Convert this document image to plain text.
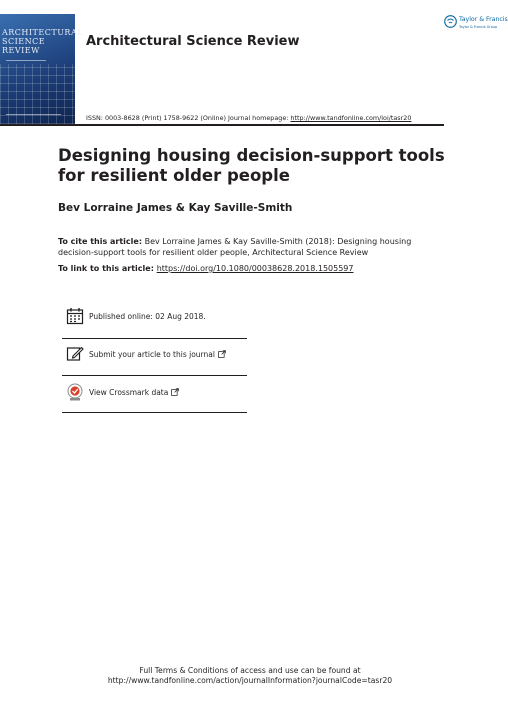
ARCHITECTURAL
SCIENCE
REVIEW
Architectural Science Review
Taylor & Francis
Taylor & Francis Group
ISSN: 0003-8628 (Print) 1758-9622 (Online) Journal homepage: http://www.tandfonline.com/loi/tasr20
Designing housing decision-support tools for resilient older people
Bev Lorraine James & Kay Saville-Smith
To cite this article: Bev Lorraine James & Kay Saville-Smith (2018): Designing housing decision-support tools for resilient older people, Architectural Science Review
To link to this article: https://doi.org/10.1080/00038628.2018.1505597
Published online: 02 Aug 2018.
Submit your article to this journal
View Crossmark data
Full Terms & Conditions of access and use can be found at
http://www.tandfonline.com/action/journalInformation?journalCode=tasr20
